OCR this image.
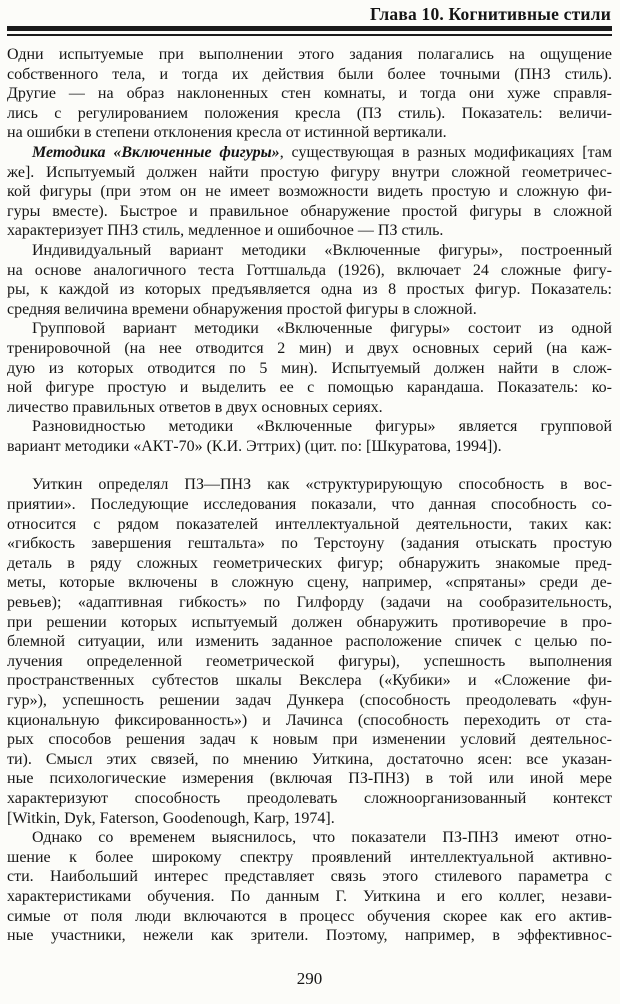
Глава 10. Когнитивные стили
Одни испытуемые при выполнении этого задания полагались на ощущение
собственного тела, и тогда их действия были более точными (ПНЗ стиль).
Другие — на образ наклоненных стен комнаты, и тогда они хуже справля-
лись с регулированием положения кресла (ПЗ стиль). Показатель: величи-
на ошибки в степени отклонения кресла от истинной вертикали.
Методика «Включенные фигуры», существующая в разных модификациях [там
же]. Испытуемый должен найти простую фигуру внутри сложной геометричес-
кой фигуры (при этом он не имеет возможности видеть простую и сложную фи-
гуры вместе). Быстрое и правильное обнаружение простой фигуры в сложной
характеризует ПНЗ стиль, медленное и ошибочное — ПЗ стиль.
Индивидуальный вариант методики «Включенные фигуры», построенный
на основе аналогичного теста Готтшальда (1926), включает 24 сложные фигу-
ры, к каждой из которых предъявляется одна из 8 простых фигур. Показатель:
средняя величина времени обнаружения простой фигуры в сложной.
Групповой вариант методики «Включенные фигуры» состоит из одной
тренировочной (на нее отводится 2 мин) и двух основных серий (на каж-
дую из которых отводится по 5 мин). Испытуемый должен найти в слож-
ной фигуре простую и выделить ее с помощью карандаша. Показатель: ко-
личество правильных ответов в двух основных сериях.
Разновидностью методики «Включенные фигуры» является групповой
вариант методики «АКТ-70» (К.И. Эттрих) (цит. по: [Шкуратова, 1994]).
Уиткин определял ПЗ—ПНЗ как «структурирующую способность в вос-
приятии». Последующие исследования показали, что данная способность со-
относится с рядом показателей интеллектуальной деятельности, таких как:
«гибкость завершения гештальта» по Терстоуну (задания отыскать простую
деталь в ряду сложных геометрических фигур; обнаружить знакомые пред-
меты, которые включены в сложную сцену, например, «спрятаны» среди де-
ревьев); «адаптивная гибкость» по Гилфорду (задачи на сообразительность,
при решении которых испытуемый должен обнаружить противоречие в про-
блемной ситуации, или изменить заданное расположение спичек с целью по-
лучения определенной геометрической фигуры), успешность выполнения
пространственных субтестов шкалы Векслера («Кубики» и «Сложение фи-
гур»), успешность решении задач Дункера (способность преодолевать «фун-
кциональную фиксированность») и Лачинса (способность переходить от ста-
рых способов решения задач к новым при изменении условий деятельнос-
ти). Смысл этих связей, по мнению Уиткина, достаточно ясен: все указан-
ные психологические измерения (включая ПЗ-ПНЗ) в той или иной мере
характеризуют способность преодолевать сложноорганизованный контекст
[Witkin, Dyk, Faterson, Goodenough, Karp, 1974].
Однако со временем выяснилось, что показатели ПЗ-ПНЗ имеют отно-
шение к более широкому спектру проявлений интеллектуальной активно-
сти. Наибольший интерес представляет связь этого стилевого параметра с
характеристиками обучения. По данным Г. Уиткина и его коллег, незави-
симые от поля люди включаются в процесс обучения скорее как его актив-
ные участники, нежели как зрители. Поэтому, например, в эффективнос-
290
